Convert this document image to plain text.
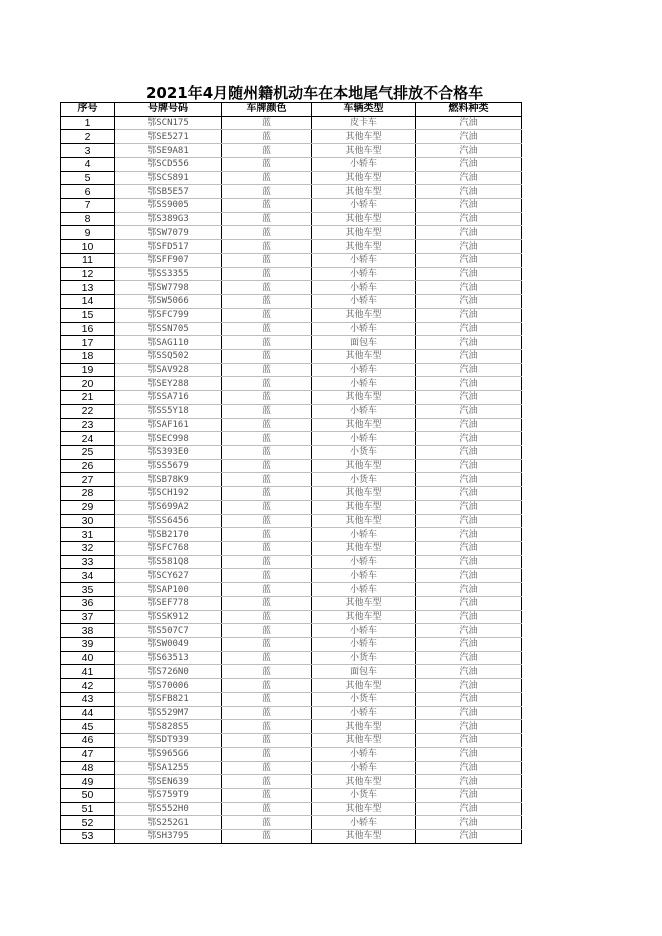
2021年4月随州籍机动车在本地尾气排放不合格车
序号	号牌号码	车牌颜色	车辆类型	燃料种类
1	鄂SCN175	蓝	皮卡车	汽油
2	鄂SE5271	蓝	其他车型	汽油
3	鄂SE9A81	蓝	其他车型	汽油
4	鄂SCD556	蓝	小轿车	汽油
5	鄂SCS891	蓝	其他车型	汽油
6	鄂SB5E57	蓝	其他车型	汽油
7	鄂SS9005	蓝	小轿车	汽油
8	鄂S389G3	蓝	其他车型	汽油
9	鄂SW7079	蓝	其他车型	汽油
10	鄂SFD517	蓝	其他车型	汽油
11	鄂SFF907	蓝	小轿车	汽油
12	鄂SS3355	蓝	小轿车	汽油
13	鄂SW7798	蓝	小轿车	汽油
14	鄂SW5066	蓝	小轿车	汽油
15	鄂SFC799	蓝	其他车型	汽油
16	鄂SSN705	蓝	小轿车	汽油
17	鄂SAG110	蓝	面包车	汽油
18	鄂SSQ502	蓝	其他车型	汽油
19	鄂SAV928	蓝	小轿车	汽油
20	鄂SEY288	蓝	小轿车	汽油
21	鄂SSA716	蓝	其他车型	汽油
22	鄂SS5Y18	蓝	小轿车	汽油
23	鄂SAF161	蓝	其他车型	汽油
24	鄂SEC998	蓝	小轿车	汽油
25	鄂S393E0	蓝	小货车	汽油
26	鄂SS5679	蓝	其他车型	汽油
27	鄂SB78K9	蓝	小货车	汽油
28	鄂SCH192	蓝	其他车型	汽油
29	鄂S699A2	蓝	其他车型	汽油
30	鄂SS6456	蓝	其他车型	汽油
31	鄂SB2170	蓝	小轿车	汽油
32	鄂SFC768	蓝	其他车型	汽油
33	鄂S581Q8	蓝	小轿车	汽油
34	鄂SCY627	蓝	小轿车	汽油
35	鄂SAP100	蓝	小轿车	汽油
36	鄂SEF778	蓝	其他车型	汽油
37	鄂SSK912	蓝	其他车型	汽油
38	鄂S507C7	蓝	小轿车	汽油
39	鄂SW0049	蓝	小轿车	汽油
40	鄂S63513	蓝	小货车	汽油
41	鄂S726N0	蓝	面包车	汽油
42	鄂S70006	蓝	其他车型	汽油
43	鄂SFB821	蓝	小货车	汽油
44	鄂S529M7	蓝	小轿车	汽油
45	鄂S828S5	蓝	其他车型	汽油
46	鄂SDT939	蓝	其他车型	汽油
47	鄂S965G6	蓝	小轿车	汽油
48	鄂SA1255	蓝	小轿车	汽油
49	鄂SEN639	蓝	其他车型	汽油
50	鄂S759T9	蓝	小货车	汽油
51	鄂S552H0	蓝	其他车型	汽油
52	鄂S252G1	蓝	小轿车	汽油
53	鄂SH3795	蓝	其他车型	汽油
